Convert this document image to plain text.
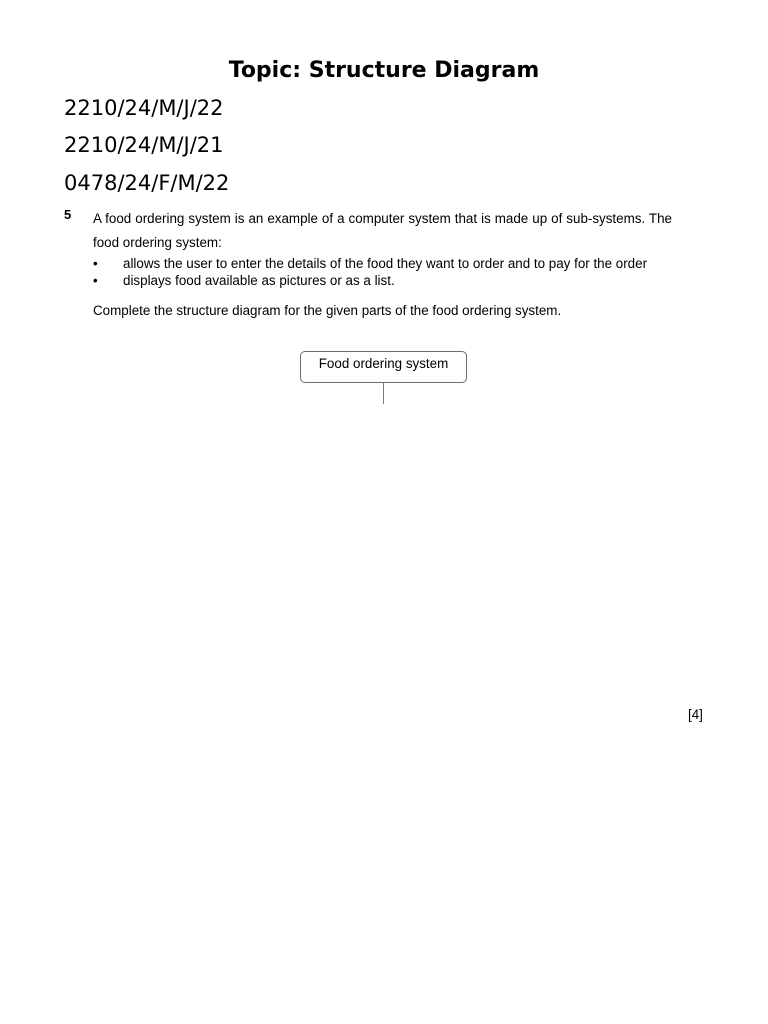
Topic: Structure Diagram
2210/24/M/J/22
2210/24/M/J/21
0478/24/F/M/22
5 A food ordering system is an example of a computer system that is made up of sub-systems. The food ordering system:

• allows the user to enter the details of the food they want to order and to pay for the order
• displays food available as pictures or as a list.
Complete the structure diagram for the given parts of the food ordering system.
Food ordering system
[4]
